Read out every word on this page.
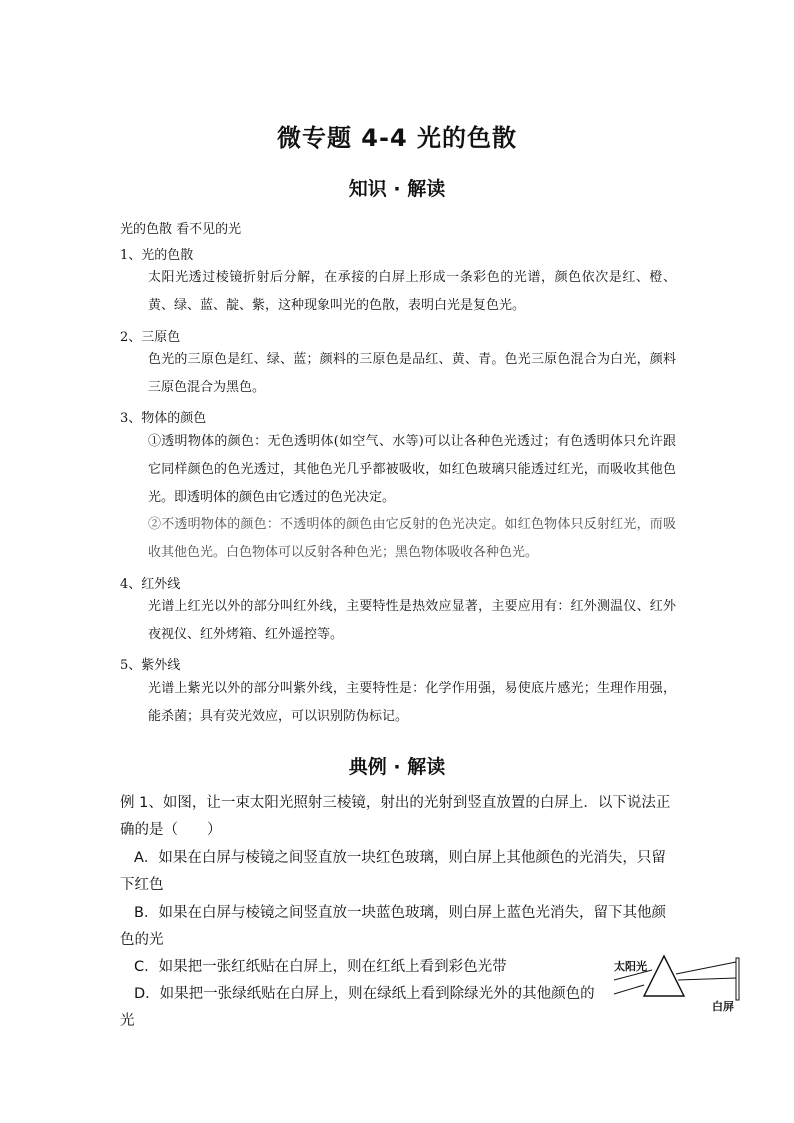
微专题 4-4 光的色散
知识 · 解读
光的色散 看不见的光
1、光的色散
太阳光透过棱镜折射后分解，在承接的白屏上形成一条彩色的光谱，颜色依次是红、橙、黄、绿、蓝、靛、紫，这种现象叫光的色散，表明白光是复色光。
2、三原色
色光的三原色是红、绿、蓝；颜料的三原色是品红、黄、青。色光三原色混合为白光，颜料三原色混合为黑色。
3、物体的颜色
①透明物体的颜色：无色透明体(如空气、水等)可以让各种色光透过；有色透明体只允许跟它同样颜色的色光透过，其他色光几乎都被吸收，如红色玻璃只能透过红光，而吸收其他色光。即透明体的颜色由它透过的色光决定。
②不透明物体的颜色：不透明体的颜色由它反射的色光决定。如红色物体只反射红光，而吸收其他色光。白色物体可以反射各种色光；黑色物体吸收各种色光。
4、红外线
光谱上红光以外的部分叫红外线，主要特性是热效应显著，主要应用有：红外测温仪、红外夜视仪、红外烤箱、红外遥控等。
5、紫外线
光谱上紫光以外的部分叫紫外线，主要特性是：化学作用强，易使底片感光；生理作用强，能杀菌；具有荧光效应，可以识别防伪标记。
典例 · 解读
例 1、如图，让一束太阳光照射三棱镜，射出的光射到竖直放置的白屏上．以下说法正确的是（　　）
A．如果在白屏与棱镜之间竖直放一块红色玻璃，则白屏上其他颜色的光消失，只留下红色
B．如果在白屏与棱镜之间竖直放一块蓝色玻璃，则白屏上蓝色光消失，留下其他颜色的光
C．如果把一张红纸贴在白屏上，则在红纸上看到彩色光带
D．如果把一张绿纸贴在白屏上，则在绿纸上看到除绿光外的其他颜色的光
太阳光
白屏
